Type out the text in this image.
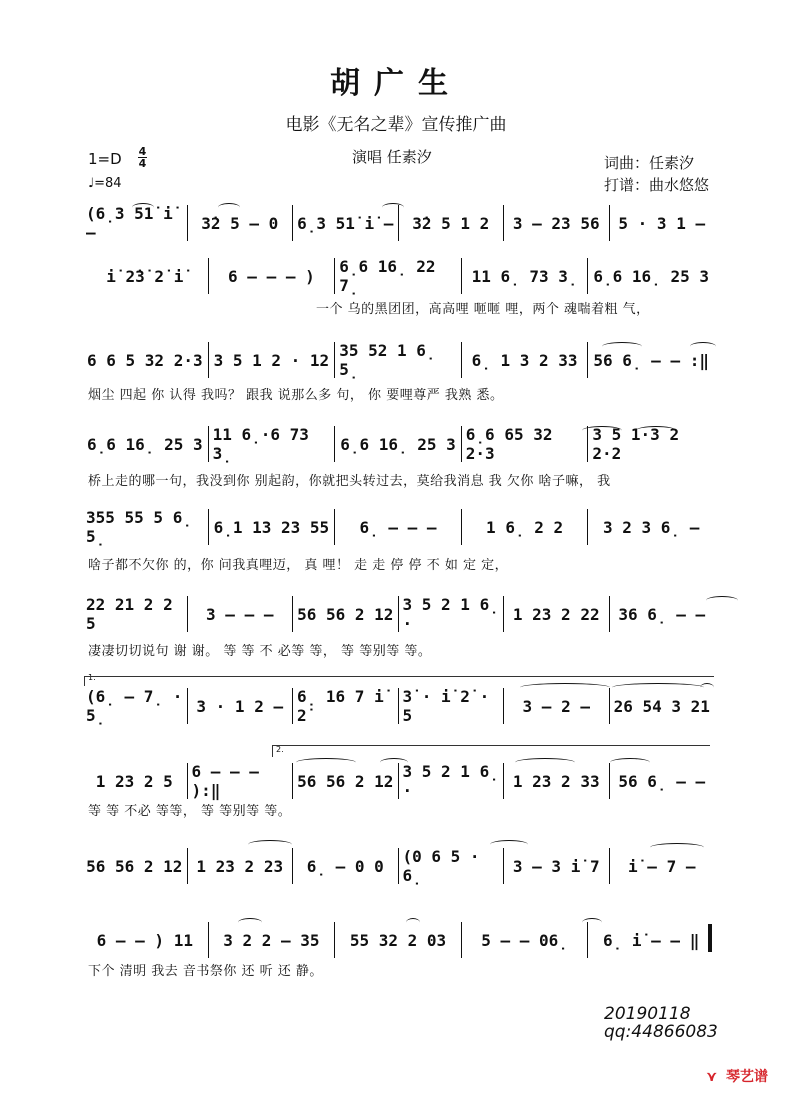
胡广生
电影《无名之辈》宣传推广曲
演唱 任素汐
1=D 4
4
♩=84
词曲：任素汐
打谱：曲水悠悠
(6̣3 51̇ i̇ –	3̇2 5 – 0	6̣3 51̇ i̇ –	3̇2 5 1 2	3 – 23 56	5 · 3 1 –
i̇ 2̇3̇ 2̇ i̇	6 – – – )	6̣6 16̣ 22 7̣	11 6̣ 73 3̣ 6̣6 16̣ 25 3
一个 乌的黑团团，高高哩 咂咂 哩，两个 魂喘着粗 气，
6 6 5 32 2·3 3 5 1 2 · 12 35 52 1 6̣ 5̣	6̣ 1 3 2 33 56 6̣ – – :‖
烟尘 四起 你 认得 我吗？ 跟我 说那么多 句， 你 要哩尊严 我熟 悉。
6̣6 16̣ 25 3 11 6̣·6 73 3̣	6̣6 16̣ 25 3 6̣6 65 32 2·3
3 5 1·3 2 2·2
桥上走的哪一句，我没到你 别起韵，你就把头转过去，莫给我消息 我 欠你 啥子嘛， 我
355 55 5 6̣ 5̣	6̣1 13 23 55	6̣ – – –	1 6̣ 2 2	3 2 3 6̣ –
啥子都不欠你 的，你 问我真哩迈， 真 哩！ 走 走 停 停 不 如 定 定，
22 21 2 2 5	3 – – –	56 56 2 12 3 5 2 1 6̣ ·	1 23 2 22	36 6̣ – –
凄凄切切说句 谢 谢。 等 等 不 必等 等， 等 等别等 等。
(6̣ – 7̣ · 5̣	3 · 1 2 – 6̣ 16 7 i̇ 2̇
3̇ · i̇ 2̇ · 5	3 – 2 –	26 54 3 21
1 23 2 5	6 – – – ):‖	56 56 2 12 3 5 2 1 6̣ ·	1 23 2 33	56 6̣ – –
等 等 不必 等等， 等 等别等 等。
56 56 2 12 1 23 2 23	6̣ – 0 0	(0 6 5 · 6̣	3 – 3 i̇ 7	i̇ – 7 –
6 – – ) 11	3 2 2 – 35	55 32 2 03	5 – – 06̣	6̣ i̇ – – ‖
下个 清明 我去 音书祭你 还 听 还 静。
1.
2.
20190118
qq:44866083
⋎ 琴艺谱
